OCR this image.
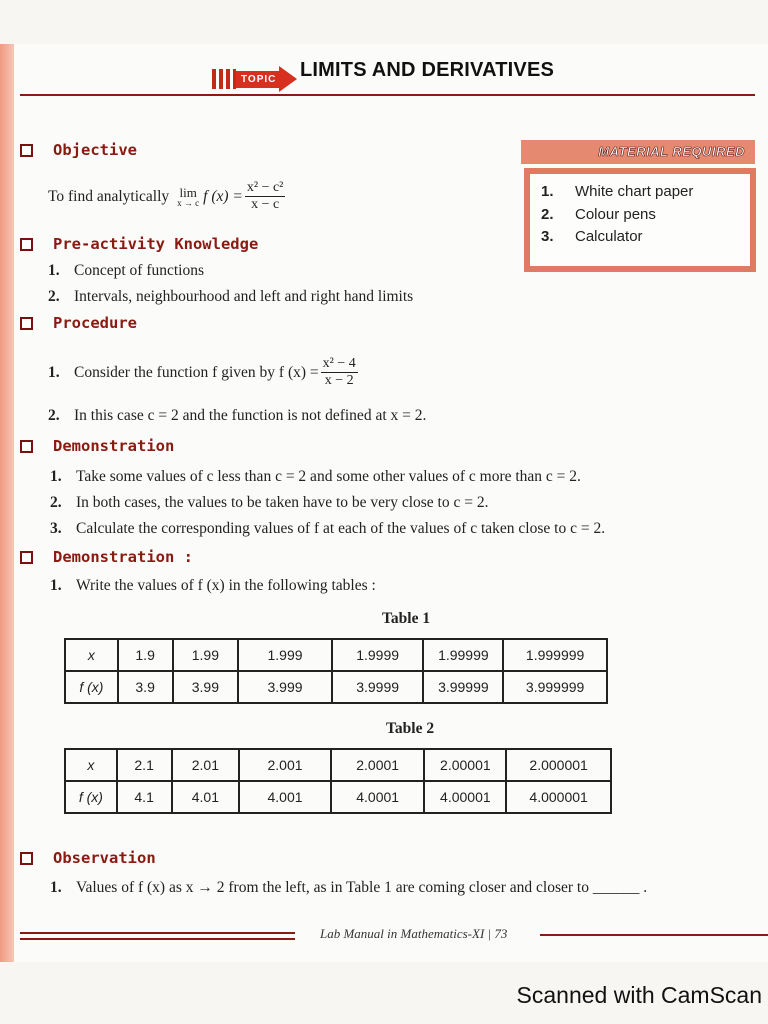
TOPIC LIMITS AND DERIVATIVES
Objective
To find analytically lim
x → c f $(x) = \frac{\text{x² − c²}}{x - c}$
MATERIAL REQUIRED
1. White chart paper
2. Colour pens
3. Calculator
Pre-activity Knowledge
1. Concept of functions
2. Intervals, neighbourhood and left and right hand limits
Procedure
1. Consider the function f given by f $(x) = \frac{\text{x² − 4}}{x - 2}$
2. In this case c = 2 and the function is not defined at x = 2.
Demonstration
1. Take some values of c less than c = 2 and some other values of c more than c = 2.
2. In both cases, the values to be taken have to be very close to c = 2.
3. Calculate the corresponding values of f at each of the values of c taken close to c = 2.
Demonstration :
1. Write the values of f (x) in the following tables :
Table 1
x	1.9	1.99	1.999	1.9999	1.99999	1.999999
f (x)	3.9	3.99	3.999	3.9999	3.99999	3.999999
Table 2
x	2.1	2.01	2.001	2.0001	2.00001	2.000001
f (x)	4.1	4.01	4.001	4.0001	4.00001	4.000001
Observation
1. Values of f (x) as x → 2 from the left, as in Table 1 are coming closer and closer to ______ .
Lab Manual in Mathematics-XI | 73
Scanned with CamScan
